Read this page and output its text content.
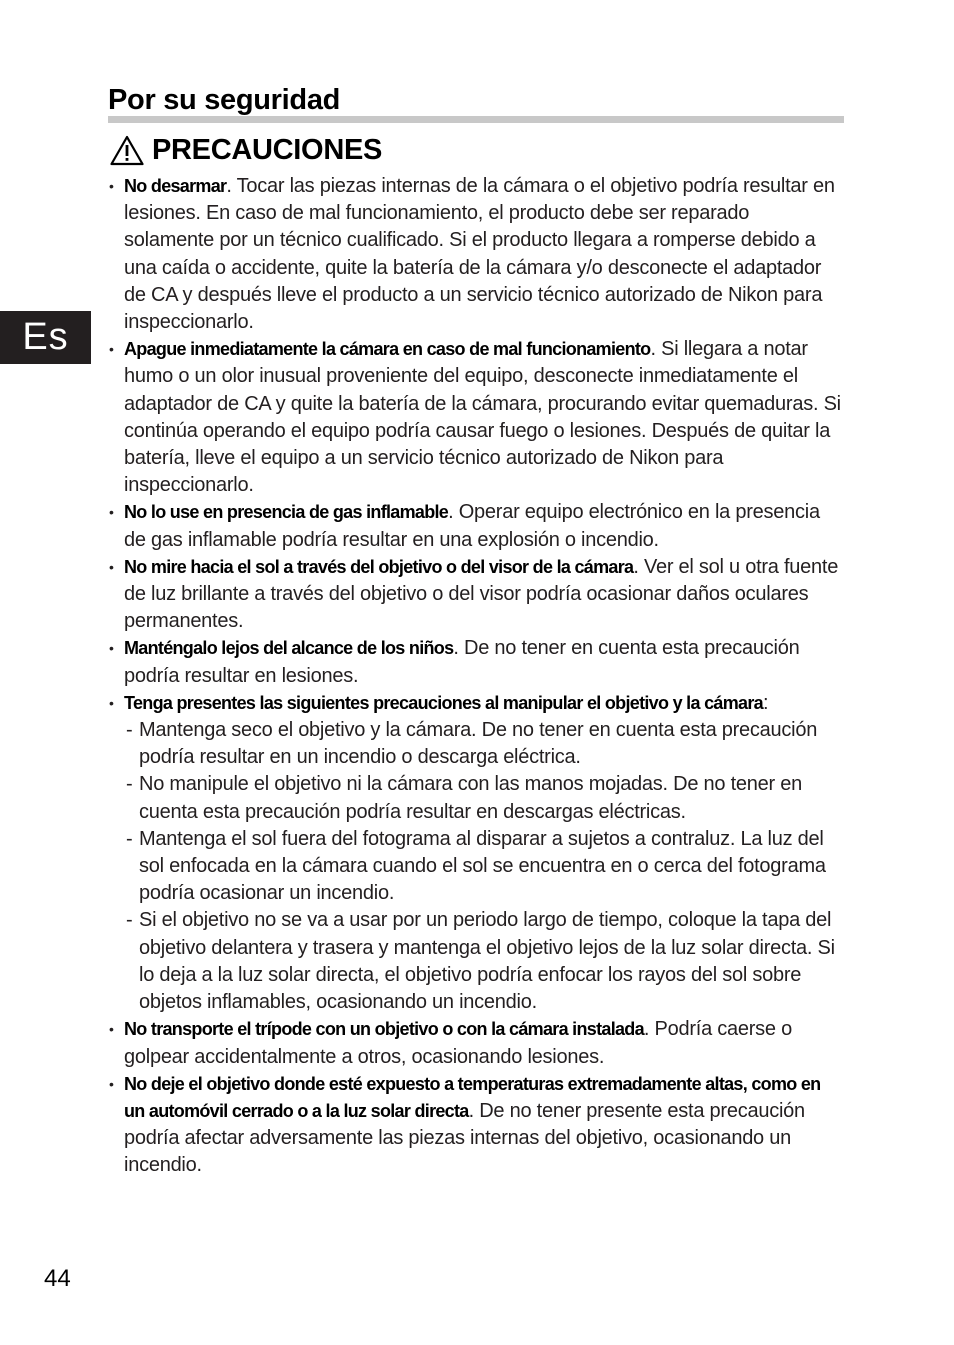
Por su seguridad
PRECAUCIONES
Es
• No desarmar. Tocar las piezas internas de la cámara o el objetivo podría resultar en lesiones. En caso de mal funcionamiento, el producto debe ser reparado solamente por un técnico cualificado. Si el producto llegara a romperse debido a una caída o accidente, quite la batería de la cámara y/o desconecte el adaptador de CA y después lleve el producto a un servicio técnico autorizado de Nikon para inspeccionarlo.
• Apague inmediatamente la cámara en caso de mal funcionamiento. Si llegara a notar humo o un olor inusual proveniente del equipo, desconecte inmediatamente el adaptador de CA y quite la batería de la cámara, procurando evitar quemaduras. Si continúa operando el equipo podría causar fuego o lesiones. Después de quitar la batería, lleve el equipo a un servicio técnico autorizado de Nikon para inspeccionarlo.
• No lo use en presencia de gas inflamable. Operar equipo electrónico en la presencia de gas inflamable podría resultar en una explosión o incendio.
• No mire hacia el sol a través del objetivo o del visor de la cámara. Ver el sol u otra fuente de luz brillante a través del objetivo o del visor podría ocasionar daños oculares permanentes.
• Manténgalo lejos del alcance de los niños. De no tener en cuenta esta precaución podría resultar en lesiones.
• Tenga presentes las siguientes precauciones al manipular el objetivo y la cámara:
- Mantenga seco el objetivo y la cámara. De no tener en cuenta esta precaución podría resultar en un incendio o descarga eléctrica.
- No manipule el objetivo ni la cámara con las manos mojadas. De no tener en cuenta esta precaución podría resultar en descargas eléctricas.
- Mantenga el sol fuera del fotograma al disparar a sujetos a contraluz. La luz del sol enfocada en la cámara cuando el sol se encuentra en o cerca del fotograma podría ocasionar un incendio.
- Si el objetivo no se va a usar por un periodo largo de tiempo, coloque la tapa del objetivo delantera y trasera y mantenga el objetivo lejos de la luz solar directa. Si lo deja a la luz solar directa, el objetivo podría enfocar los rayos del sol sobre objetos inflamables, ocasionando un incendio.
• No transporte el trípode con un objetivo o con la cámara instalada. Podría caerse o golpear accidentalmente a otros, ocasionando lesiones.
• No deje el objetivo donde esté expuesto a temperaturas extremadamente altas, como en un automóvil cerrado o a la luz solar directa. De no tener presente esta precaución podría afectar adversamente las piezas internas del objetivo, ocasionando un incendio.
44
